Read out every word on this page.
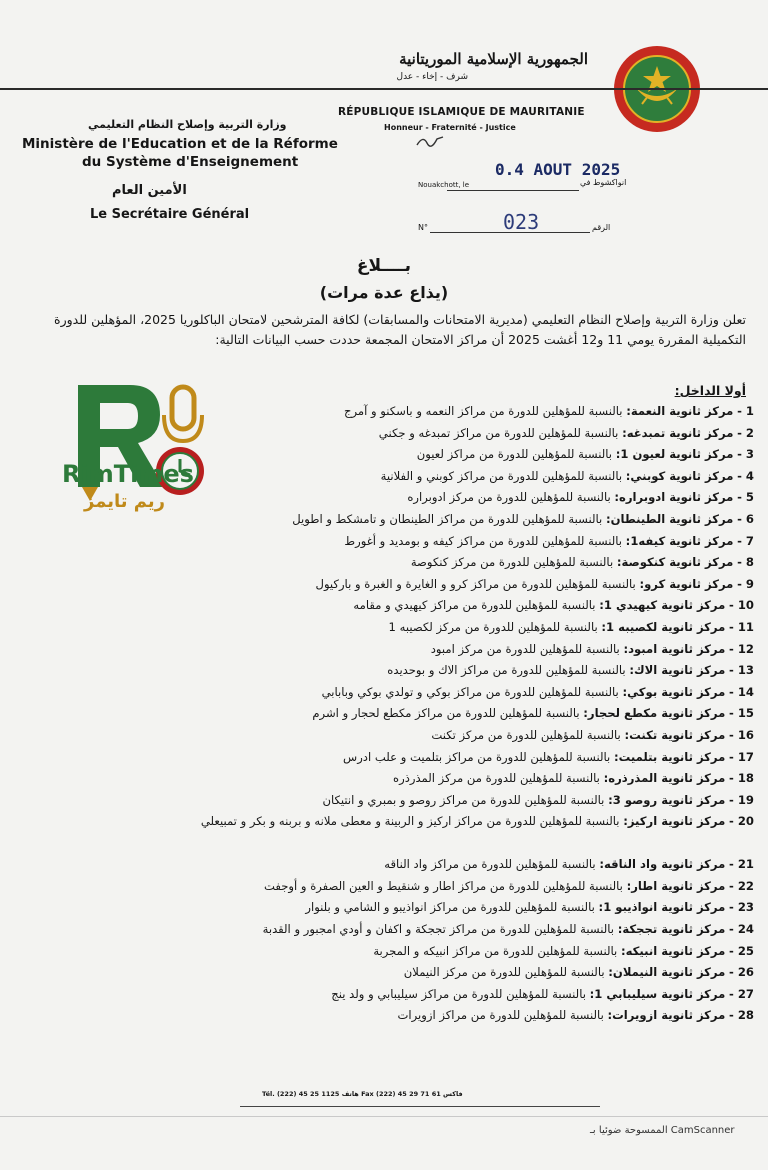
الجمهورية الإسلامية الموريتانية
شرف - إخاء - عدل
RÉPUBLIQUE ISLAMIQUE DE MAURITANIE
Honneur - Fraternité - Justice
وزارة التربية وإصلاح النظام التعليمي
Ministère de l'Education et de la Réforme
du Système d'Enseignement
الأمين العام
Le Secrétaire Général
Nouakchott, le
0.4 AOUT 2025
انواكشوط في
N°	023	الرقم
بــــلاغ
(يذاع عدة مرات)
تعلن وزارة التربية وإصلاح النظام التعليمي (مديرية الامتحانات والمسابقات) لكافة المترشحين لامتحان الباكلوريا 2025، المؤهلين للدورة التكميلية المقررة يومي 11 و12 أغشت 2025 أن مراكز الامتحان المجمعة حددت حسب البيانات التالية:
أولا الداخل:
1 - مركز ثانوية النعمة: بالنسبة للمؤهلين للدورة من مراكز النعمه و باسكنو و آمرج
2 - مركز ثانوية تمبدغه: بالنسبة للمؤهلين للدورة من مراكز تمبدغه و جكني
3 - مركز ثانوية لعيون 1: بالنسبة للمؤهلين للدورة من مراكز لعيون
4 - مركز ثانوية كوبني: بالنسبة للمؤهلين للدورة من مراكز كوبني و الفلانية
5 - مركز ثانوية ادوبراره: بالنسبة للمؤهلين للدورة من مركز ادوبراره
6 - مركز ثانوية الطينطان: بالنسبة للمؤهلين للدورة من مراكز الطينطان و تامشكط و اطويل
7 - مركز ثانوية كيفه1: بالنسبة للمؤهلين للدورة من مراكز كيفه و بومديد و أغورط
8 - مركز ثانوية كنكوصة: بالنسبة للمؤهلين للدورة من مركز كنكوصة
9 - مركز ثانوية كرو: بالنسبة للمؤهلين للدورة من مراكز كرو و الغايرة و الغبرة و باركيول
10 - مركز ثانوية كيهيدي 1: بالنسبة للمؤهلين للدورة من مراكز كيهيدي و مقامه
11 - مركز ثانوية لكصيبه 1: بالنسبة للمؤهلين للدورة من مركز لكصيبه 1
12 - مركز ثانوية امبود: بالنسبة للمؤهلين للدورة من مركز امبود
13 - مركز ثانوية الاك: بالنسبة للمؤهلين للدورة من مراكز الاك و بوحديده
14 - مركز ثانوية بوكي: بالنسبة للمؤهلين للدورة من مراكز بوكي و تولدي بوكي وبابابي
15 - مركز ثانوية مكطع لحجار: بالنسبة للمؤهلين للدورة من مراكز مكطع لحجار و اشرم
16 - مركز ثانوية تكنت: بالنسبة للمؤهلين للدورة من مركز تكنت
17 - مركز ثانوية بتلميت: بالنسبة للمؤهلين للدورة من مراكز بتلميت و علب ادرس
18 - مركز ثانوية المذرذره: بالنسبة للمؤهلين للدورة من مركز المذرذره
19 - مركز ثانوية روصو 3: بالنسبة للمؤهلين للدورة من مراكز روصو و بمبري و انتيكان
20 - مركز ثانوية اركيز: بالنسبة للمؤهلين للدورة من مراكز اركيز و الربينة و معطى ملانه و بربنه و بكر و تمبيعلي
21 - مركز ثانوية واد الناقه: بالنسبة للمؤهلين للدورة من مراكز واد الناقه
22 - مركز ثانوية اطار: بالنسبة للمؤهلين للدورة من مراكز اطار و شنقيط و العين الصفرة و أوجفت
23 - مركز ثانوية انواذيبو 1: بالنسبة للمؤهلين للدورة من مراكز انواذيبو و الشامي و بلنوار
24 - مركز ثانوية تججكة: بالنسبة للمؤهلين للدورة من مراكز تججكة و اكفان و أودي امجبور و القدبة
25 - مركز ثانوية انبيكه: بالنسبة للمؤهلين للدورة من مراكز انبيكه و المجربة
26 - مركز ثانوية النيملان: بالنسبة للمؤهلين للدورة من مركز النيملان
27 - مركز ثانوية سيليبابي 1: بالنسبة للمؤهلين للدورة من مراكز سيليبابي و ولد ينج
28 - مركز ثانوية ازويرات: بالنسبة للمؤهلين للدورة من مراكز ازويرات
RimTimes
ريم تايمز
Tél. (222) 45 25 1125 هاتف Fax (222) 45 29 71 61 فاكس
الممسوحة ضوئيا بـ CamScanner
